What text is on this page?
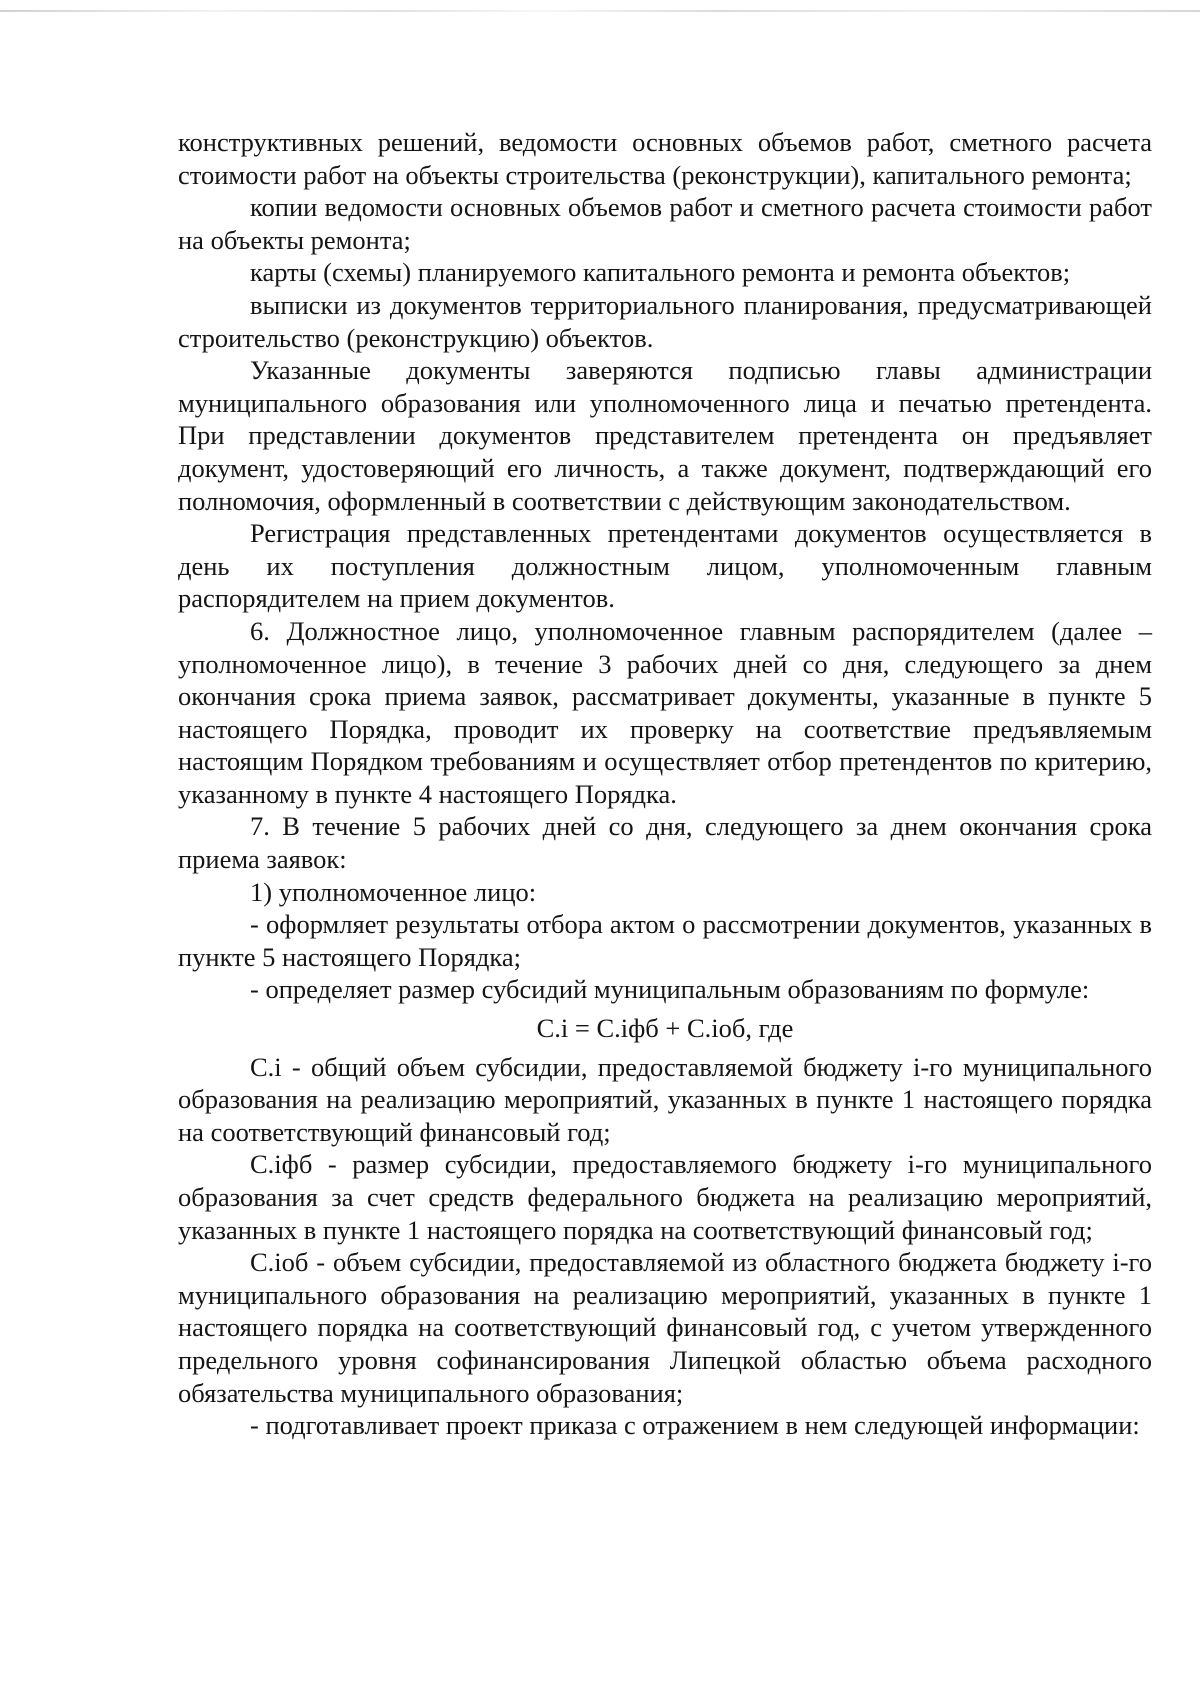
конструктивных решений, ведомости основных объемов работ, сметного расчета стоимости работ на объекты строительства (реконструкции), капитального ремонта;

копии ведомости основных объемов работ и сметного расчета стоимости работ на объекты ремонта;

карты (схемы) планируемого капитального ремонта и ремонта объектов;

выписки из документов территориального планирования, предусматривающей строительство (реконструкцию) объектов.

Указанные документы заверяются подписью главы администрации муниципального образования или уполномоченного лица и печатью претендента. При представлении документов представителем претендента он предъявляет документ, удостоверяющий его личность, а также документ, подтверждающий его полномочия, оформленный в соответствии с действующим законодательством.

Регистрация представленных претендентами документов осуществляется в день их поступления должностным лицом, уполномоченным главным распорядителем на прием документов.

6. Должностное лицо, уполномоченное главным распорядителем (далее – уполномоченное лицо), в течение 3 рабочих дней со дня, следующего за днем окончания срока приема заявок, рассматривает документы, указанные в пункте 5 настоящего Порядка, проводит их проверку на соответствие предъявляемым настоящим Порядком требованиям и осуществляет отбор претендентов по критерию, указанному в пункте 4 настоящего Порядка.

7. В течение 5 рабочих дней со дня, следующего за днем окончания срока приема заявок:

1) уполномоченное лицо:

- оформляет результаты отбора актом о рассмотрении документов, указанных в пункте 5 настоящего Порядка;

- определяет размер субсидий муниципальным образованиям по формуле:

С.i = С.iфб + С.iоб, где

С.i - общий объем субсидии, предоставляемой бюджету i-го муниципального образования на реализацию мероприятий, указанных в пункте 1 настоящего порядка на соответствующий финансовый год;

С.iфб - размер субсидии, предоставляемого бюджету i-го муниципального образования за счет средств федерального бюджета на реализацию мероприятий, указанных в пункте 1 настоящего порядка на соответствующий финансовый год;

С.iоб - объем субсидии, предоставляемой из областного бюджета бюджету i-го муниципального образования на реализацию мероприятий, указанных в пункте 1 настоящего порядка на соответствующий финансовый год, с учетом утвержденного предельного уровня софинансирования Липецкой областью объема расходного обязательства муниципального образования;

- подготавливает проект приказа с отражением в нем следующей информации:
